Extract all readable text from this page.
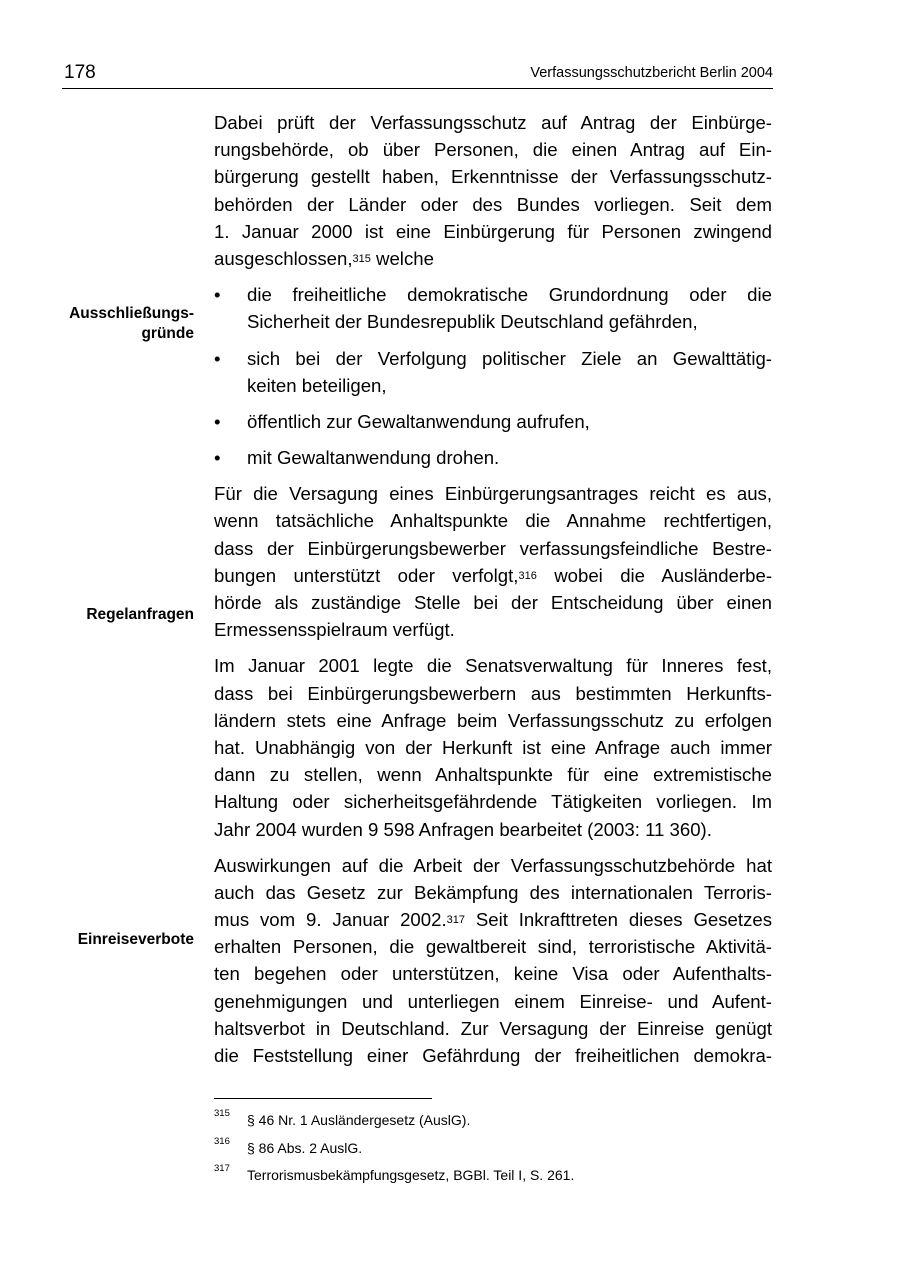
178	Verfassungsschutzbericht Berlin 2004
Ausschließungs-
gründe
Regelanfragen
Einreiseverbote
Dabei prüft der Verfassungsschutz auf Antrag der Einbürge-
rungsbehörde, ob über Personen, die einen Antrag auf Ein-
bürgerung gestellt haben, Erkenntnisse der Verfassungsschutz-
behörden der Länder oder des Bundes vorliegen. Seit dem
1. Januar 2000 ist eine Einbürgerung für Personen zwingend
ausgeschlossen,$^{315}$ welche
• die freiheitliche demokratische Grundordnung oder die
Sicherheit der Bundesrepublik Deutschland gefährden,
• sich bei der Verfolgung politischer Ziele an Gewalttätig-
keiten beteiligen,
• öffentlich zur Gewaltanwendung aufrufen,
• mit Gewaltanwendung drohen.
Für die Versagung eines Einbürgerungsantrages reicht es aus,
wenn tatsächliche Anhaltspunkte die Annahme rechtfertigen,
dass der Einbürgerungsbewerber verfassungsfeindliche Bestre-
bungen unterstützt oder verfolgt,$^{316}$ wobei die Ausländerbe-
hörde als zuständige Stelle bei der Entscheidung über einen
Ermessensspielraum verfügt.
Im Januar 2001 legte die Senatsverwaltung für Inneres fest,
dass bei Einbürgerungsbewerbern aus bestimmten Herkunfts-
ländern stets eine Anfrage beim Verfassungsschutz zu erfolgen
hat. Unabhängig von der Herkunft ist eine Anfrage auch immer
dann zu stellen, wenn Anhaltspunkte für eine extremistische
Haltung oder sicherheitsgefährdende Tätigkeiten vorliegen. Im
Jahr 2004 wurden 9 598 Anfragen bearbeitet (2003: 11 360).
Auswirkungen auf die Arbeit der Verfassungsschutzbehörde hat
auch das Gesetz zur Bekämpfung des internationalen Terroris-
mus vom 9. Januar 2002.$^{317}$ Seit Inkrafttreten dieses Gesetzes
erhalten Personen, die gewaltbereit sind, terroristische Aktivitä-
ten begehen oder unterstützen, keine Visa oder Aufenthalts-
genehmigungen und unterliegen einem Einreise- und Aufent-
haltsverbot in Deutschland. Zur Versagung der Einreise genügt
die Feststellung einer Gefährdung der freiheitlichen demokra-
315 § 46 Nr. 1 Ausländergesetz (AuslG).
316 § 86 Abs. 2 AuslG.
317 Terrorismusbekämpfungsgesetz, BGBl. Teil I, S. 261.
